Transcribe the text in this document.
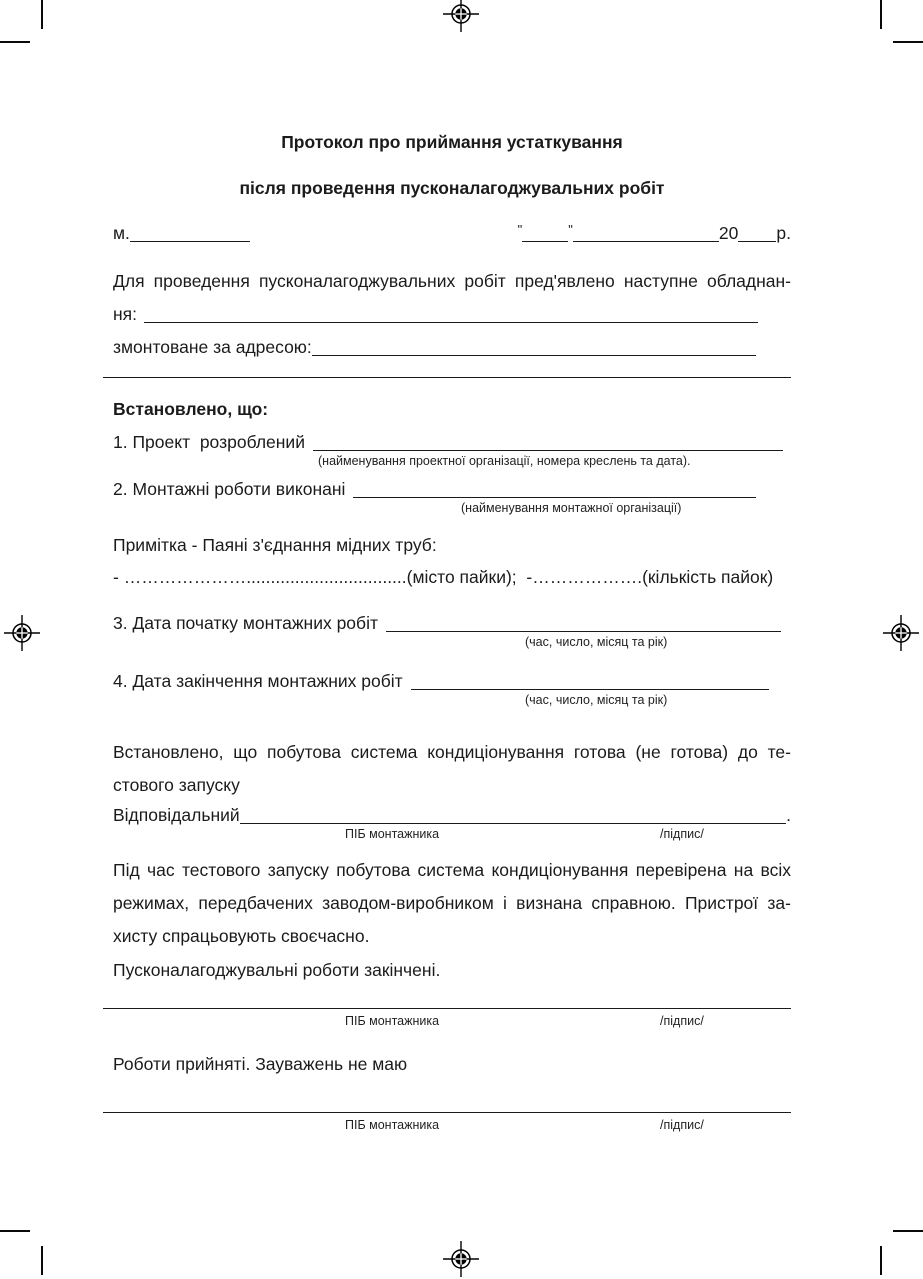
Протокол про приймання устаткування
після проведення пусконалагоджувальних робіт
м.	"	"	20 р.
Для проведення пусконалагоджувальних робіт пред'явлено наступне обладнан-
ня:
змонтоване за адресою:
Встановлено, що:
1. Проект  розроблений
(найменування проектної організації, номера креслень та дата).
2. Монтажні роботи виконані
(найменування монтажної організації)
Примітка - Паяні з'єднання мідних труб:
- ………………….................................(місто пайки);  -……………….(кількість пайок)
3. Дата початку монтажних робіт
(час, число, місяц та рік)
4. Дата закінчення монтажних робіт
(час, число, місяц та рік)
Встановлено, що побутова система кондиціонування готова (не готова) до те-
стового запуску
Відповідальний	.
ПІБ монтажника	/підпис/
Під час тестового запуску побутова система кондиціонування перевірена на всіх
режимах, передбачених заводом-виробником і визнана справною. Пристрої за-
хисту спрацьовують своєчасно.
Пусконалагоджувальні роботи закінчені.
ПІБ монтажника	/підпис/
Роботи прийняті. Зауважень не маю
ПІБ монтажника	/підпис/
